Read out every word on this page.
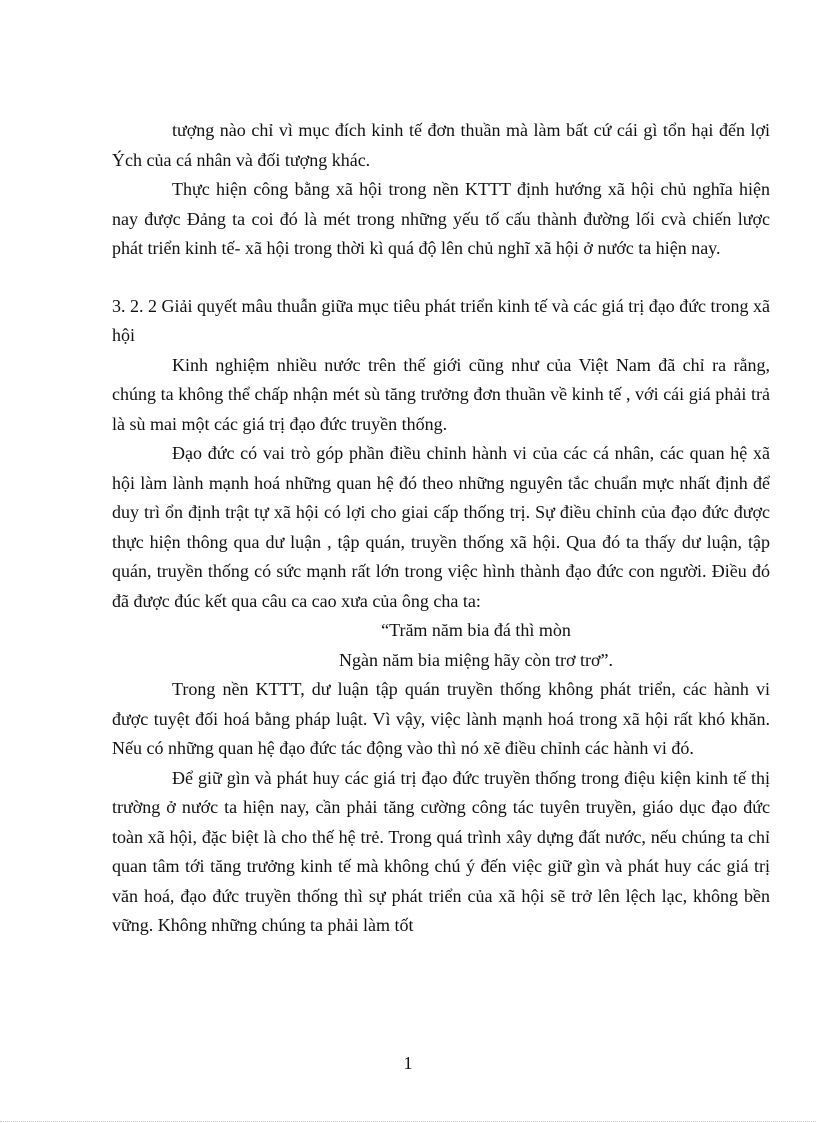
tượng nào chỉ vì mục đích kinh tế đơn thuần mà làm bất cứ cái gì tổn hại đến lợi Ých của cá nhân và đối tượng khác.

Thực hiện công bằng xã hội trong nền KTTT định hướng xã hội chủ nghĩa hiện nay được Đảng ta coi đó là mét trong những yếu tố cấu thành đường lối cvà chiến lược phát triển kinh tế- xã hội trong thời kì quá độ lên chủ nghĩ xã hội ở nước ta hiện nay.

3. 2. 2 Giải quyết mâu thuẫn giữa mục tiêu phát triển kinh tế và các giá trị đạo đức trong xã hội

Kinh nghiệm nhiều nước trên thế giới cũng như của Việt Nam đã chỉ ra rằng, chúng ta không thể chấp nhận mét sù tăng trưởng đơn thuần về kinh tế , với cái giá phải trả là sù mai một các giá trị đạo đức truyền thống.

Đạo đức có vai trò góp phần điều chỉnh hành vi của các cá nhân, các quan hệ xã hội làm lành mạnh hoá những quan hệ đó theo những nguyên tắc chuẩn mực nhất định để duy trì ổn định trật tự xã hội có lợi cho giai cấp thống trị. Sự điều chỉnh của đạo đức được thực hiện thông qua dư luận , tập quán, truyền thống xã hội. Qua đó ta thấy dư luận, tập quán, truyền thống có sức mạnh rất lớn trong việc hình thành đạo đức con người. Điều đó đã được đúc kết qua câu ca cao xưa của ông cha ta:

“Trăm năm bia đá thì mòn
Ngàn năm bia miệng hãy còn trơ trơ”.

Trong nền KTTT, dư luận tập quán truyền thống không phát triển, các hành vi được tuyệt đối hoá bằng pháp luật. Vì vậy, việc lành mạnh hoá trong xã hội rất khó khăn. Nếu có những quan hệ đạo đức tác động vào thì nó xẽ điều chỉnh các hành vi đó.

Để giữ gìn và phát huy các giá trị đạo đức truyền thống trong điệu kiện kinh tế thị trường ở nước ta hiện nay, cần phải tăng cường công tác tuyên truyền, giáo dục đạo đức toàn xã hội, đặc biệt là cho thế hệ trẻ. Trong quá trình xây dựng đất nước, nếu chúng ta chỉ quan tâm tới tăng trưởng kinh tế mà không chú ý đến việc giữ gìn và phát huy các giá trị văn hoá, đạo đức truyền thống thì sự phát triển của xã hội sẽ trở lên lệch lạc, không bền vững. Không những chúng ta phải làm tốt

1
